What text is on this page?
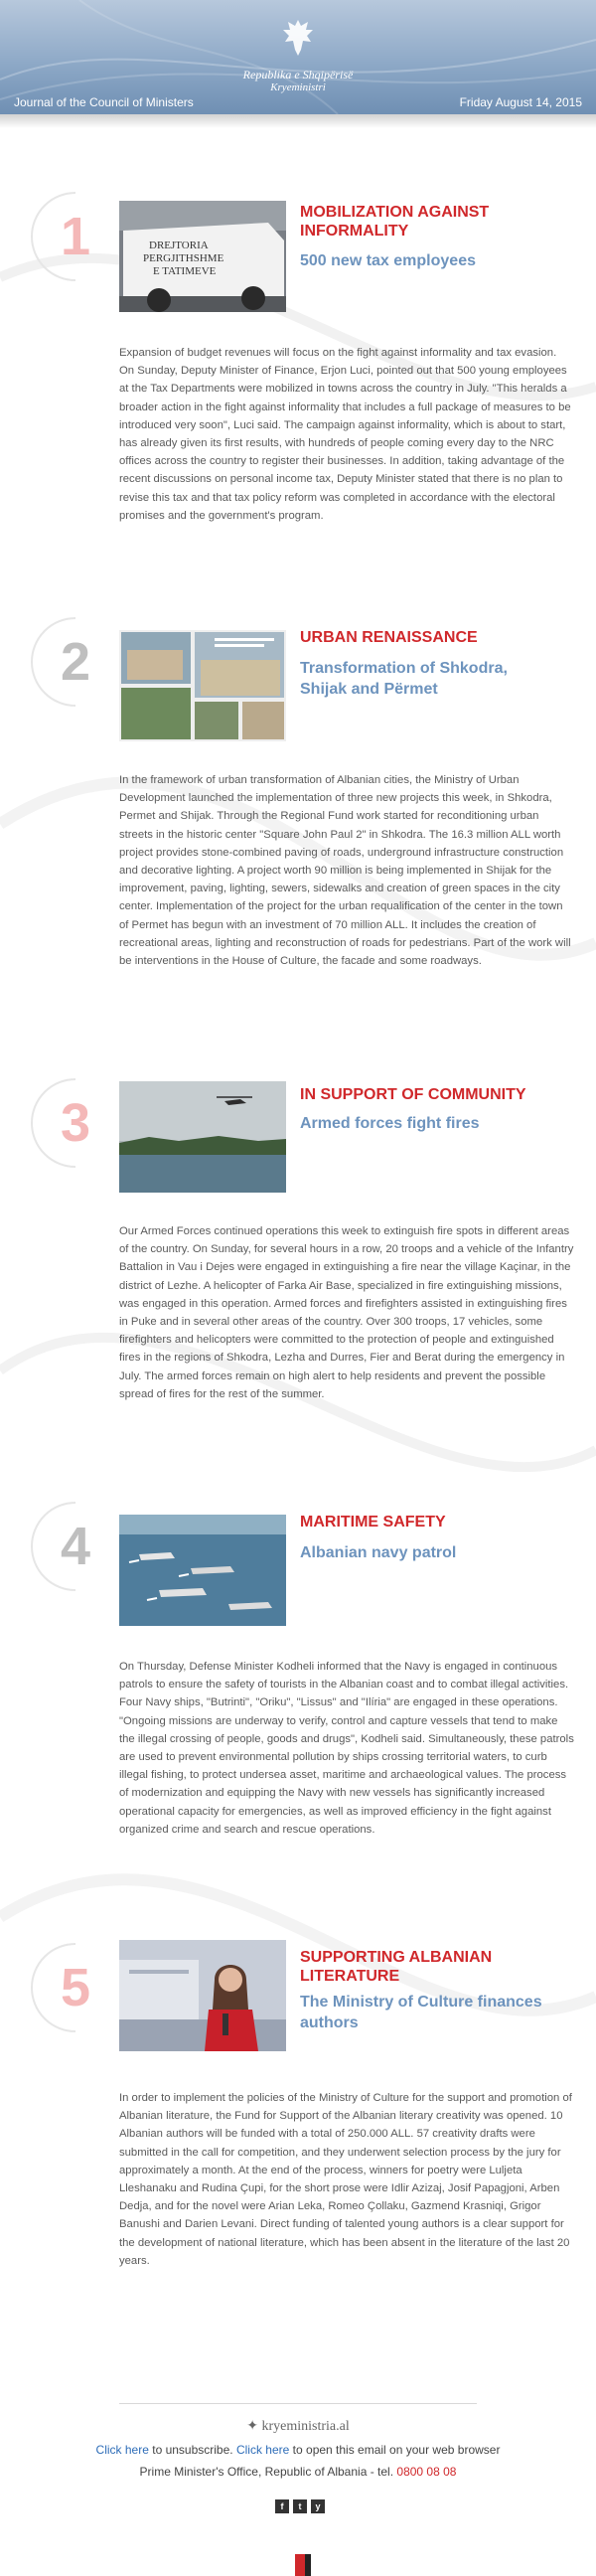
Republika e Shqipërisë
Kryeministri
Journal of the Council of Ministers	Friday August 14, 2015
1	DREJTORIA
PERGJITHSHME
E TATIMEVE
MOBILIZATION AGAINST INFORMALITY
500 new tax employees
Expansion of budget revenues will focus on the fight against informality and tax evasion. On Sunday, Deputy Minister of Finance, Erjon Luci, pointed out that 500 young employees at the Tax Departments were mobilized in towns across the country in July. "This heralds a broader action in the fight against informality that includes a full package of measures to be introduced very soon", Luci said. The campaign against informality, which is about to start, has already given its first results, with hundreds of people coming every day to the NRC offices across the country to register their businesses. In addition, taking advantage of the recent discussions on personal income tax, Deputy Minister stated that there is no plan to revise this tax and that tax policy reform was completed in accordance with the electoral promises and the government's program.
2	URBAN RENAISSANCE
Transformation of Shkodra, Shijak and Përmet
In the framework of urban transformation of Albanian cities, the Ministry of Urban Development launched the implementation of three new projects this week, in Shkodra, Permet and Shijak. Through the Regional Fund work started for reconditioning urban streets in the historic center "Square John Paul 2" in Shkodra. The 16.3 million ALL worth project provides stone-combined paving of roads, underground infrastructure construction and decorative lighting. A project worth 90 million is being implemented in Shijak for the improvement, paving, lighting, sewers, sidewalks and creation of green spaces in the city center. Implementation of the project for the urban requalification of the center in the town of Permet has begun with an investment of 70 million ALL. It includes the creation of recreational areas, lighting and reconstruction of roads for pedestrians. Part of the work will be interventions in the House of Culture, the facade and some roadways.
3	IN SUPPORT OF COMMUNITY
Armed forces fight fires
Our Armed Forces continued operations this week to extinguish fire spots in different areas of the country. On Sunday, for several hours in a row, 20 troops and a vehicle of the Infantry Battalion in Vau i Dejes were engaged in extinguishing a fire near the village Kaçinar, in the district of Lezhe. A helicopter of Farka Air Base, specialized in fire extinguishing missions, was engaged in this operation. Armed forces and firefighters assisted in extinguishing fires in Puke and in several other areas of the country. Over 300 troops, 17 vehicles, some firefighters and helicopters were committed to the protection of people and extinguished fires in the regions of Shkodra, Lezha and Durres, Fier and Berat during the emergency in July. The armed forces remain on high alert to help residents and prevent the possible spread of fires for the rest of the summer.
4	MARITIME SAFETY
Albanian navy patrol
On Thursday, Defense Minister Kodheli informed that the Navy is engaged in continuous patrols to ensure the safety of tourists in the Albanian coast and to combat illegal activities. Four Navy ships, "Butrinti", "Oriku", "Lissus" and "Ilíria" are engaged in these operations. "Ongoing missions are underway to verify, control and capture vessels that tend to make the illegal crossing of people, goods and drugs", Kodheli said. Simultaneously, these patrols are used to prevent environmental pollution by ships crossing territorial waters, to curb illegal fishing, to protect undersea asset, maritime and archaeological values. The process of modernization and equipping the Navy with new vessels has significantly increased operational capacity for emergencies, as well as improved efficiency in the fight against organized crime and search and rescue operations.
5
SUPPORTING ALBANIAN LITERATURE
The Ministry of Culture finances authors
In order to implement the policies of the Ministry of Culture for the support and promotion of Albanian literature, the Fund for Support of the Albanian literary creativity was opened. 10 Albanian authors will be funded with a total of 250.000 ALL. 57 creativity drafts were submitted in the call for competition, and they underwent selection process by the jury for approximately a month. At the end of the process, winners for poetry were Luljeta Lleshanaku and Rudina Çupi, for the short prose were Idlir Azizaj, Josif Papagjoni, Arben Dedja, and for the novel were Arian Leka, Romeo Çollaku, Gazmend Krasniqi, Grigor Banushi and Darien Levani. Direct funding of talented young authors is a clear support for the development of national literature, which has been absent in the literature of the last 20 years.
✦ kryeministria.al
Click here to unsubscribe. Click here to open this email on your web browser
Prime Minister's Office, Republic of Albania - tel. 0800 08 08
f	t	y
